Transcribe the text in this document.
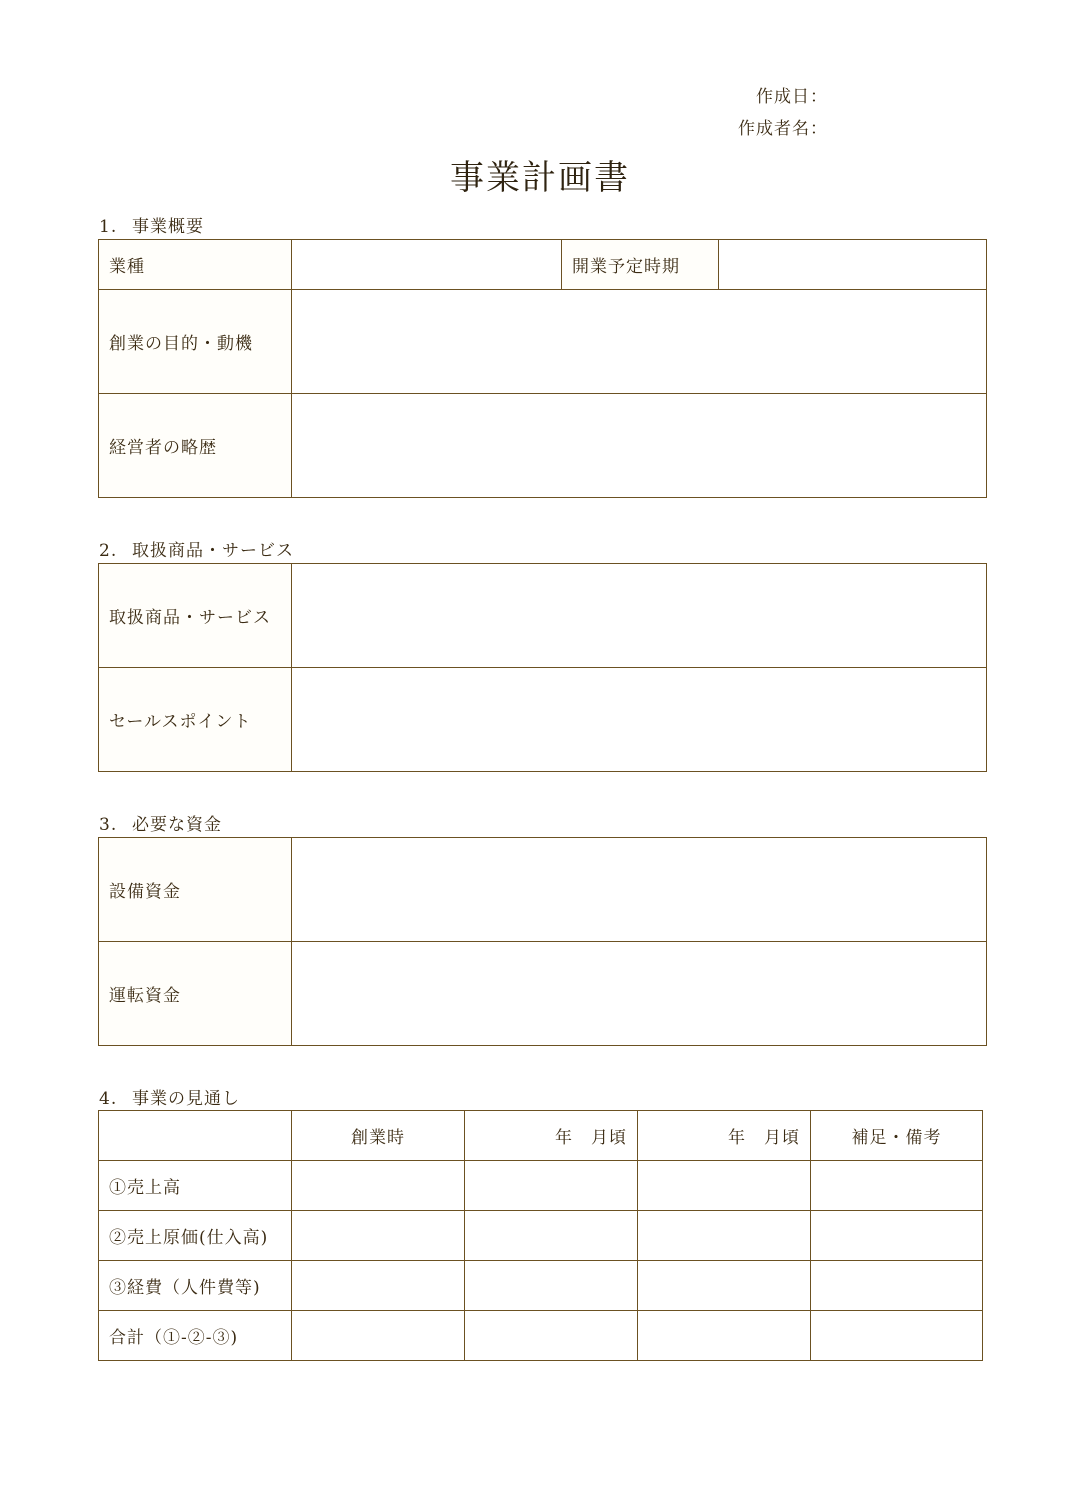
作成日：
作成者名：
事業計画書
1. 事業概要
業種		開業予定時期	
創業の目的・動機			
経営者の略歴			
2. 取扱商品・サービス
取扱商品・サービス	
セールスポイント	
3. 必要な資金
設備資金	
運転資金	
4. 事業の見通し
	創業時	年　月頃	年　月頃	補足・備考
①売上高				
②売上原価(仕入高)				
③経費（人件費等)				
合計（①-②-③)				
